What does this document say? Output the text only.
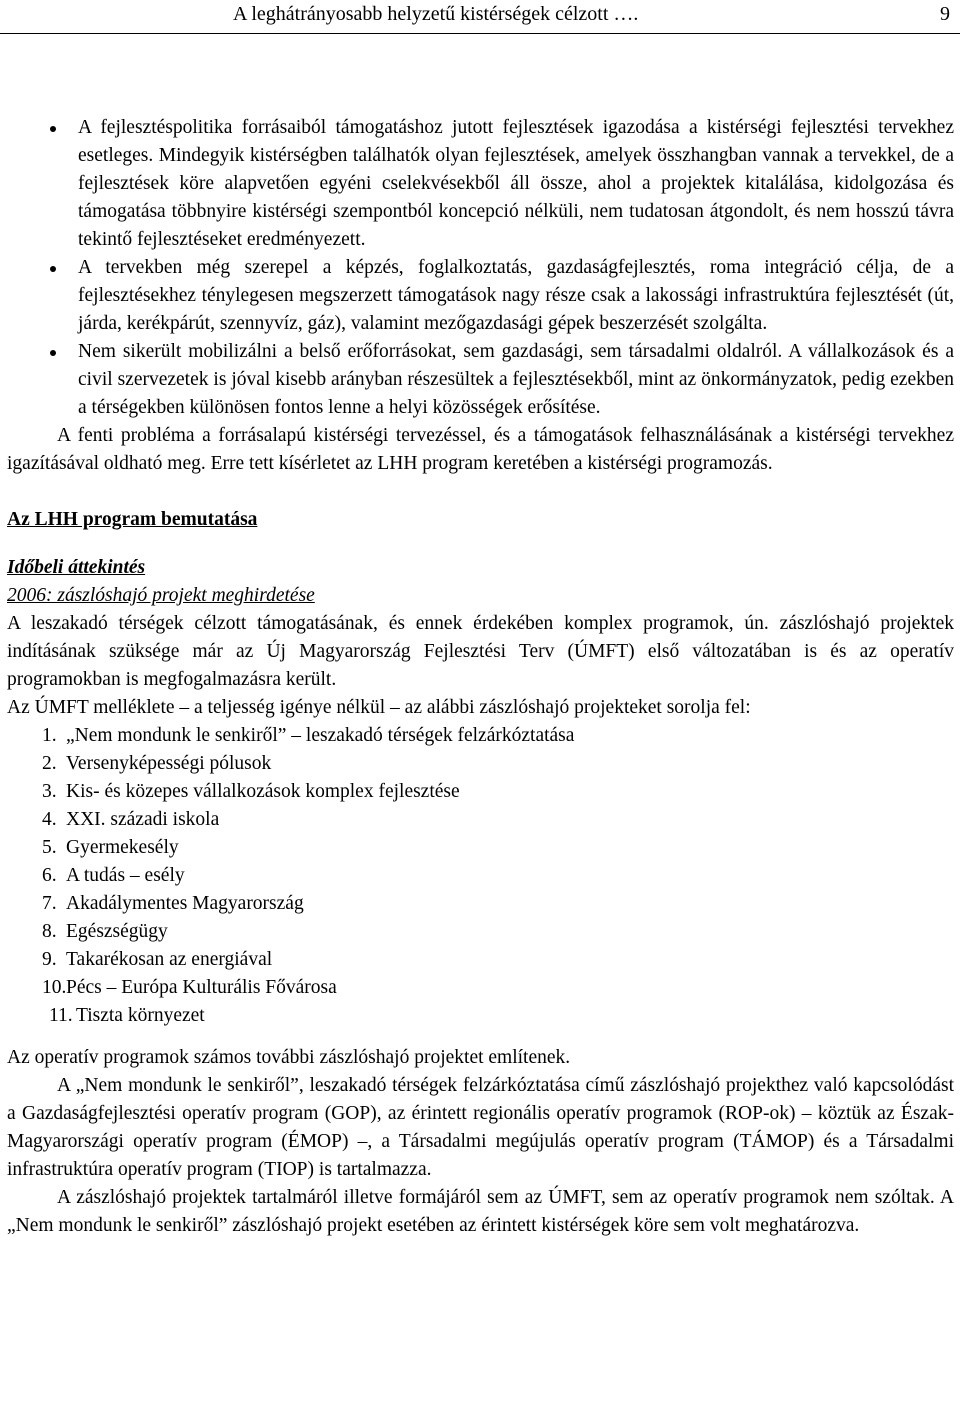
A leghátrányosabb helyzetű kistérségek célzott ….	9
A fejlesztéspolitika forrásaiból támogatáshoz jutott fejlesztések igazodása a kistérségi fejlesztési tervekhez esetleges. Mindegyik kistérségben találhatók olyan fejlesztések, amelyek összhangban vannak a tervekkel, de a fejlesztések köre alapvetően egyéni cselekvésekből áll össze, ahol a projektek kitalálása, kidolgozása és támogatása többnyire kistérségi szempontból koncepció nélküli, nem tudatosan átgondolt, és nem hosszú távra tekintő fejlesztéseket eredményezett.
A tervekben még szerepel a képzés, foglalkoztatás, gazdaságfejlesztés, roma integráció célja, de a fejlesztésekhez ténylegesen megszerzett támogatások nagy része csak a lakossági infrastruktúra fejlesztését (út, járda, kerékpárút, szennyvíz, gáz), valamint mezőgazdasági gépek beszerzését szolgálta.
Nem sikerült mobilizálni a belső erőforrásokat, sem gazdasági, sem társadalmi oldalról. A vállalkozások és a civil szervezetek is jóval kisebb arányban részesültek a fejlesztésekből, mint az önkormányzatok, pedig ezekben a térségekben különösen fontos lenne a helyi közösségek erősítése.

A fenti probléma a forrásalapú kistérségi tervezéssel, és a támogatások felhasználásának a kistérségi tervekhez igazításával oldható meg. Erre tett kísérletet az LHH program keretében a kistérségi programozás.

Az LHH program bemutatása
Időbeli áttekintés
2006: zászlóshajó projekt meghirdetése

A leszakadó térségek célzott támogatásának, és ennek érdekében komplex programok, ún. zászlóshajó projektek indításának szüksége már az Új Magyarország Fejlesztési Terv (ÚMFT) első változatában is és az operatív programokban is megfogalmazásra került.

Az ÚMFT melléklete – a teljesség igénye nélkül – az alábbi zászlóshajó projekteket sorolja fel:

1. „Nem mondunk le senkiről” – leszakadó térségek felzárkóztatása
2. Versenyképességi pólusok
3. Kis- és közepes vállalkozások komplex fejlesztése
4. XXI. századi iskola
5. Gyermekesély
6. A tudás – esély
7. Akadálymentes Magyarország
8. Egészségügy
9. Takarékosan az energiával
10. Pécs – Európa Kulturális Fővárosa
11. Tiszta környezet

Az operatív programok számos további zászlóshajó projektet említenek.

A „Nem mondunk le senkiről”, leszakadó térségek felzárkóztatása című zászlóshajó projekthez való kapcsolódást a Gazdaságfejlesztési operatív program (GOP), az érintett regionális operatív programok (ROP-ok) – köztük az Észak-Magyarországi operatív program (ÉMOP) –, a Társadalmi megújulás operatív program (TÁMOP) és a Társadalmi infrastruktúra operatív program (TIOP) is tartalmazza.

A zászlóshajó projektek tartalmáról illetve formájáról sem az ÚMFT, sem az operatív programok nem szóltak. A „Nem mondunk le senkiről” zászlóshajó projekt esetében az érintett kistérségek köre sem volt meghatározva.
